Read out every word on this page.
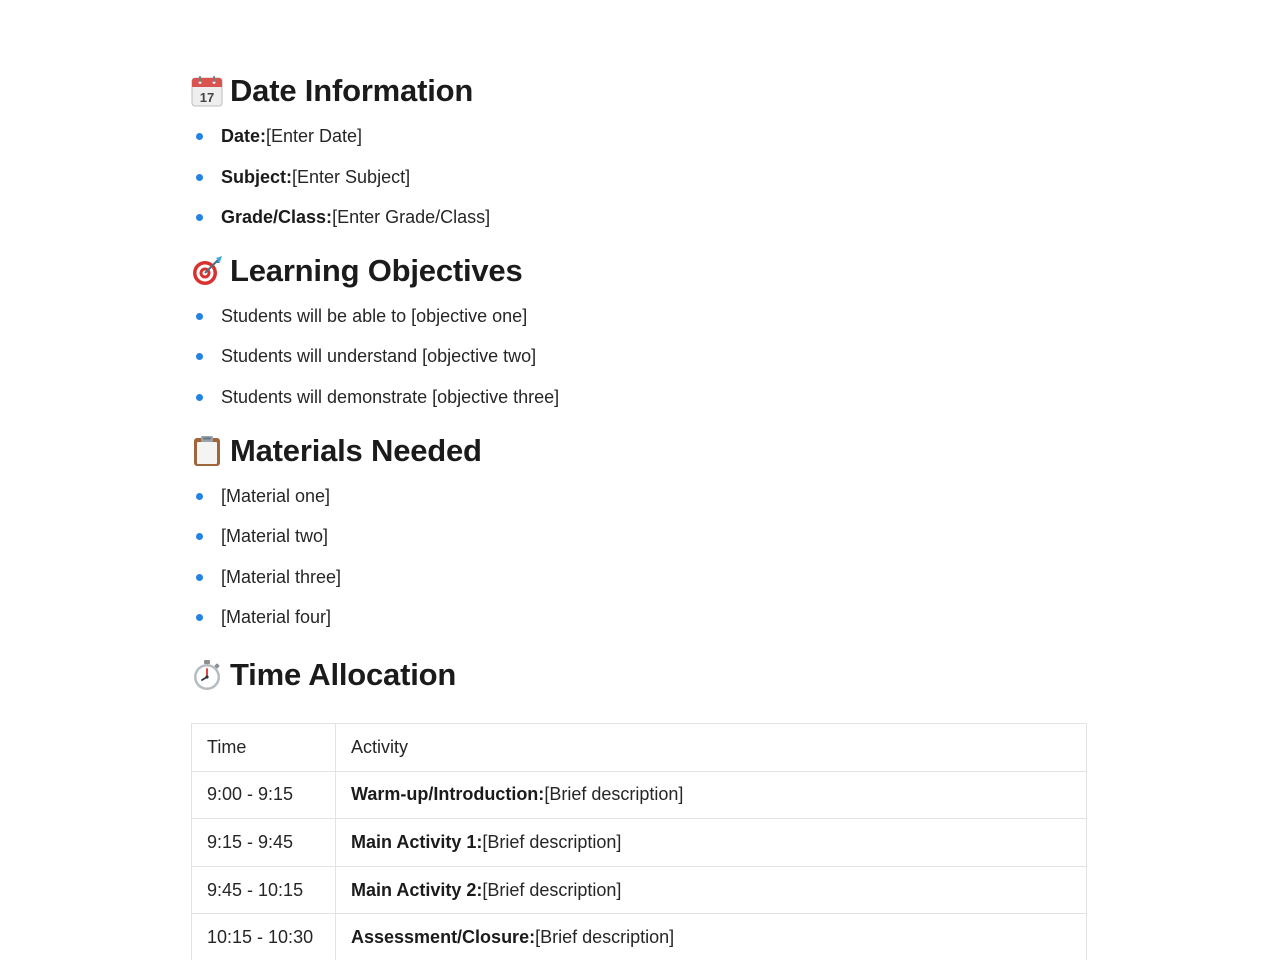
17 Date Information
Date:[Enter Date]
Subject:[Enter Subject]
Grade/Class:[Enter Grade/Class]
Learning Objectives
Students will be able to [objective one]
Students will understand [objective two]
Students will demonstrate [objective three]
Materials Needed
[Material one]
[Material two]
[Material three]
[Material four]
Time Allocation
Time	Activity
9:00 - 9:15	Warm-up/Introduction:[Brief description]
9:15 - 9:45	Main Activity 1:[Brief description]
9:45 - 10:15	Main Activity 2:[Brief description]
10:15 - 10:30	Assessment/Closure:[Brief description]
